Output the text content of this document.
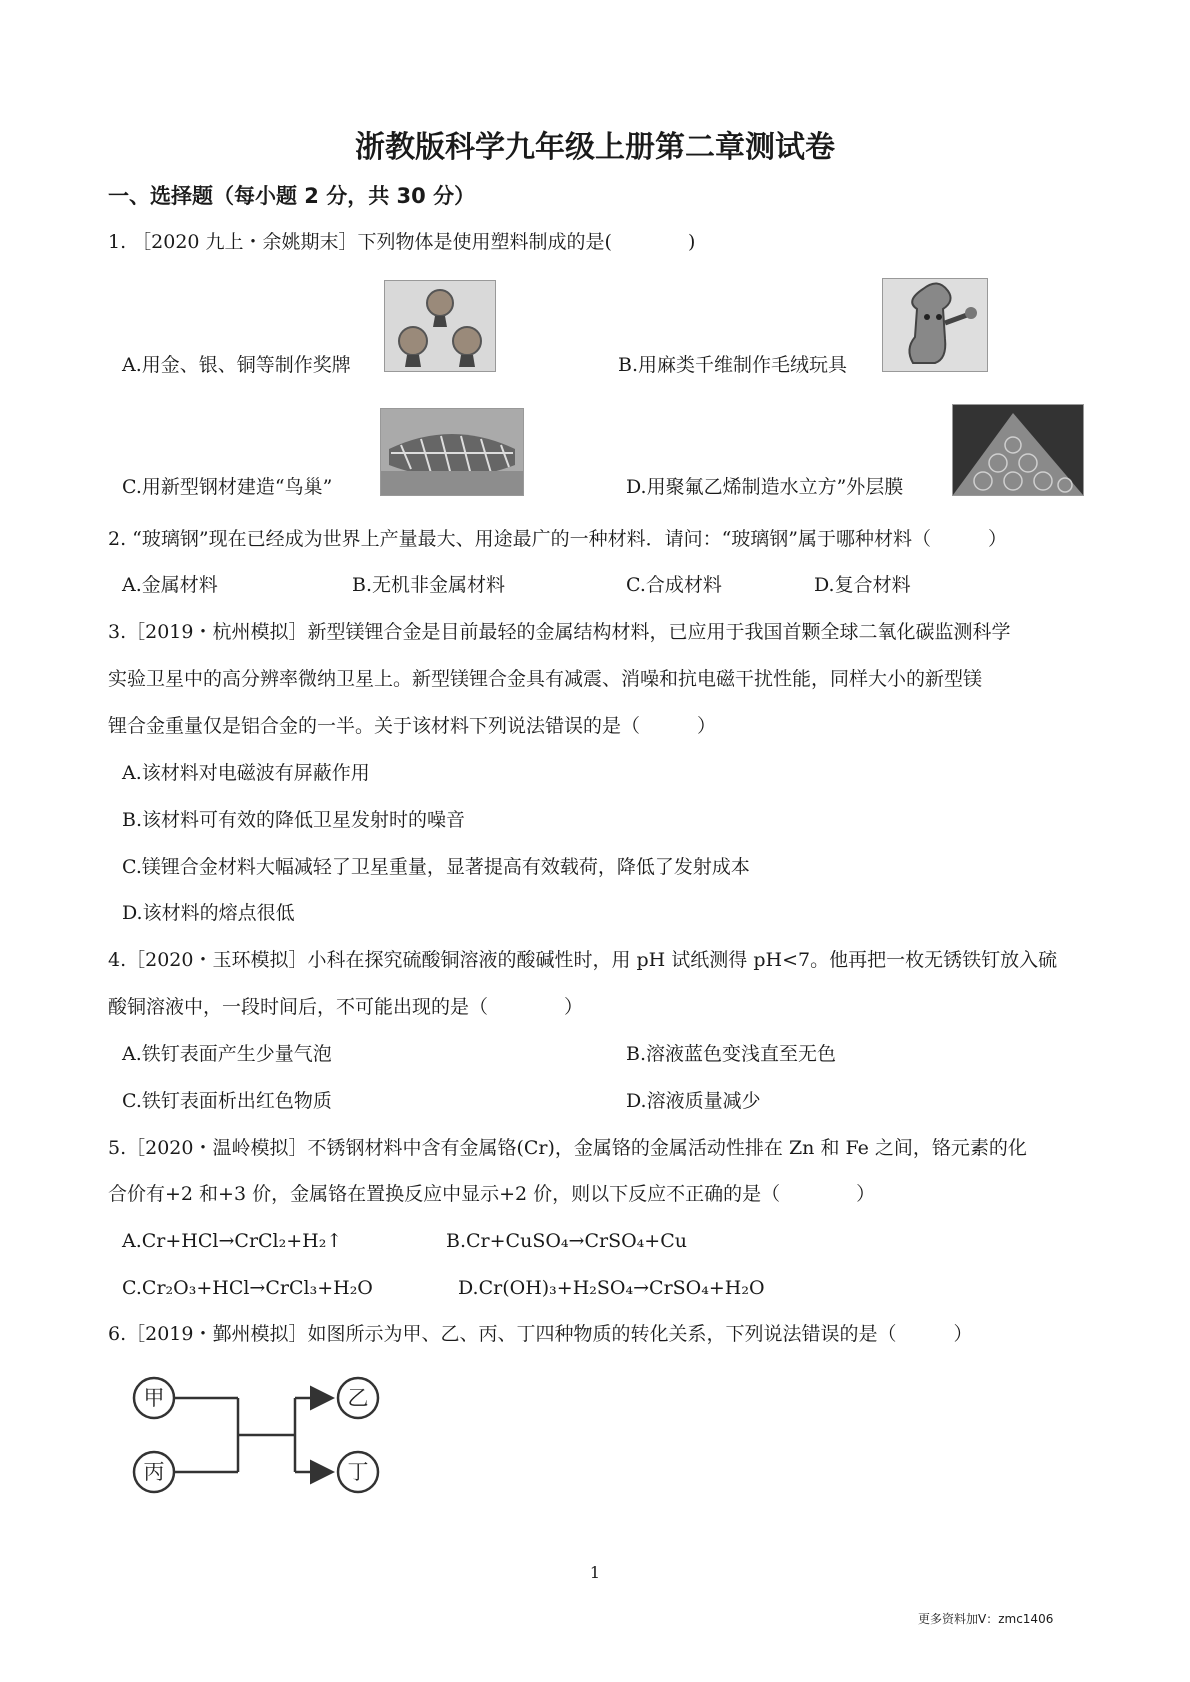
浙教版科学九年级上册第二章测试卷
一、选择题（每小题 2 分，共 30 分）
1. ［2020 九上・余姚期末］下列物体是使用塑料制成的是(　　　　)
A.用金、银、铜等制作奖牌	B.用麻类千维制作毛绒玩具
C.用新型钢材建造“鸟巢”	D.用聚氟乙烯制造水立方”外层膜
2. “玻璃钢”现在已经成为世界上产量最大、用途最广的一种材料．请问：“玻璃钢”属于哪种材料（　　　）
A.金属材料	B.无机非金属材料	C.合成材料	D.复合材料
3.［2019・杭州模拟］新型镁锂合金是目前最轻的金属结构材料，已应用于我国首颗全球二氧化碳监测科学
实验卫星中的高分辨率微纳卫星上。新型镁锂合金具有减震、消噪和抗电磁干扰性能，同样大小的新型镁
锂合金重量仅是铝合金的一半。关于该材料下列说法错误的是（　　　）
A.该材料对电磁波有屏蔽作用
B.该材料可有效的降低卫星发射时的噪音
C.镁锂合金材料大幅减轻了卫星重量，显著提高有效载荷，降低了发射成本
D.该材料的熔点很低
4.［2020・玉环模拟］小科在探究硫酸铜溶液的酸碱性时，用 pH 试纸测得 pH<7。他再把一枚无锈铁钉放入硫
酸铜溶液中，一段时间后，不可能出现的是（　　　　）
A.铁钉表面产生少量气泡	B.溶液蓝色变浅直至无色
C.铁钉表面析出红色物质	D.溶液质量减少
5.［2020・温岭模拟］不锈钢材料中含有金属铬(Cr)，金属铬的金属活动性排在 Zn 和 Fe 之间，铬元素的化
合价有+2 和+3 价，金属铬在置换反应中显示+2 价，则以下反应不正确的是（　　　　）
A.Cr+HCl→CrCl₂+H₂↑	B.Cr+CuSO₄→CrSO₄+Cu
C.Cr₂O₃+HCl→CrCl₃+H₂O	D.Cr(OH)₃+H₂SO₄→CrSO₄+H₂O
6.［2019・鄞州模拟］如图所示为甲、乙、丙、丁四种物质的转化关系，下列说法错误的是（　　　）
甲
丙
乙
丁
1
更多资料加V：zmc1406
